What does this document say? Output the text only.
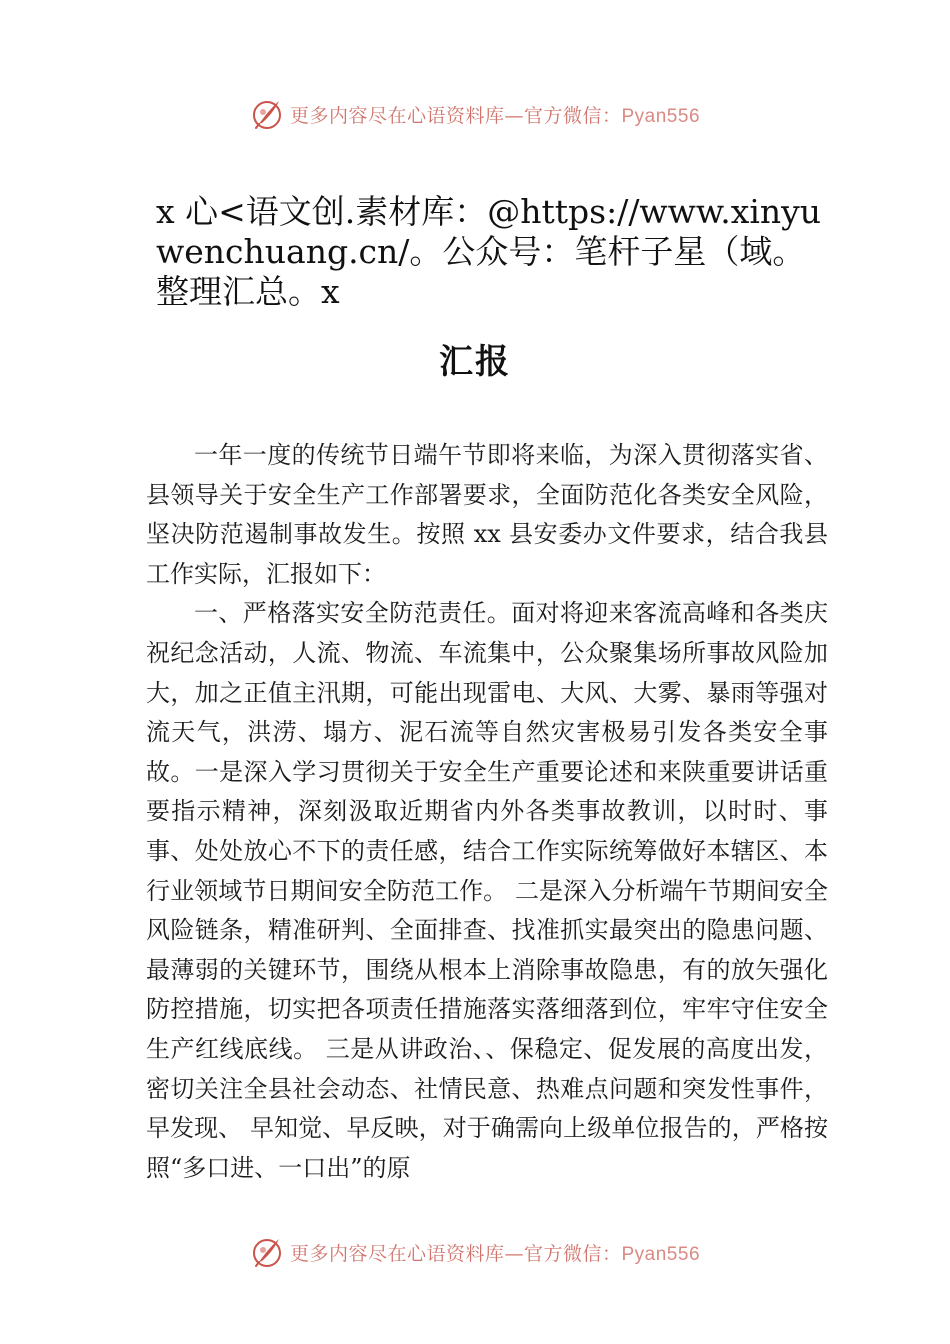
更多内容尽在心语资料库—官方微信：Pyan556

x 心<语文创.素材库：@https://www.xinyuwenchuang.cn/。公众号：笔杆子星（域。整理汇总。x

汇报

一年一度的传统节日端午节即将来临，为深入贯彻落实省、县领导关于安全生产工作部署要求，全面防范化各类安全风险，坚决防范遏制事故发生。按照 xx 县安委办文件要求，结合我县工作实际，汇报如下：

一、严格落实安全防范责任。面对将迎来客流高峰和各类庆祝纪念活动，人流、物流、车流集中，公众聚集场所事故风险加大，加之正值主汛期，可能出现雷电、大风、大雾、暴雨等强对流天气，洪涝、塌方、泥石流等自然灾害极易引发各类安全事故。一是深入学习贯彻关于安全生产重要论述和来陕重要讲话重要指示精神，深刻汲取近期省内外各类事故教训，以时时、事事、处处放心不下的责任感，结合工作实际统筹做好本辖区、本行业领域节日期间安全防范工作。 二是深入分析端午节期间安全风险链条，精准研判、全面排查、找准抓实最突出的隐患问题、最薄弱的关键环节，围绕从根本上消除事故隐患，有的放矢强化防控措施，切实把各项责任措施落实落细落到位，牢牢守住安全生产红线底线。 三是从讲政治、、保稳定、促发展的高度出发，密切关注全县社会动态、社情民意、热难点问题和突发性事件，早发现、 早知觉、早反映，对于确需向上级单位报告的，严格按照“多口进、一口出”的原

更多内容尽在心语资料库—官方微信：Pyan556
